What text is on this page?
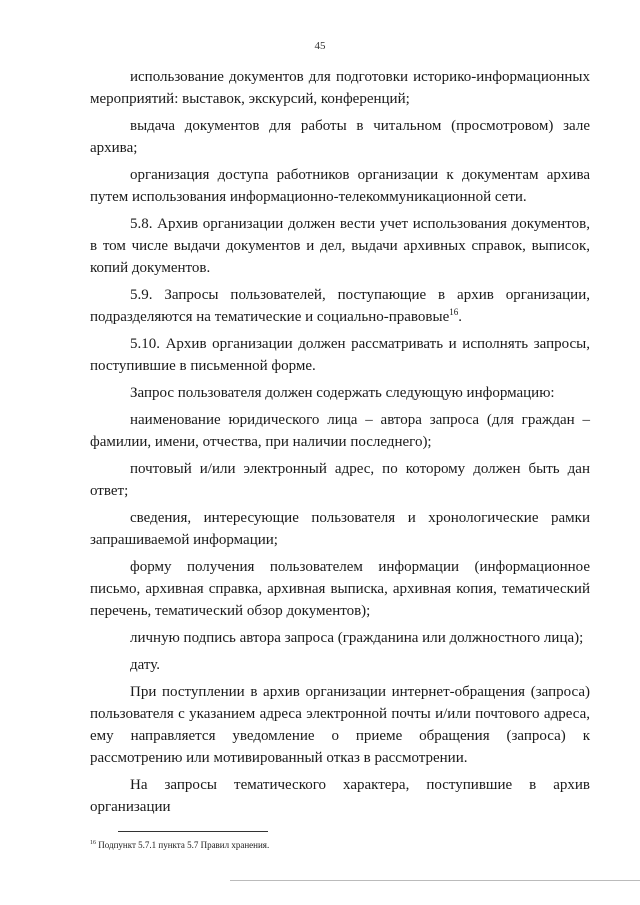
45

использование документов для подготовки историко-информационных мероприятий: выставок, экскурсий, конференций;

выдача документов для работы в читальном (просмотровом) зале архива;

организация доступа работников организации к документам архива путем использования информационно-телекоммуникационной сети.

5.8. Архив организации должен вести учет использования документов, в том числе выдачи документов и дел, выдачи архивных справок, выписок, копий документов.

5.9. Запросы пользователей, поступающие в архив организации, подразделяются на тематические и социально-правовые$^{16}$.

5.10. Архив организации должен рассматривать и исполнять запросы, поступившие в письменной форме.

Запрос пользователя должен содержать следующую информацию:

наименование юридического лица – автора запроса (для граждан – фамилии, имени, отчества, при наличии последнего);

почтовый и/или электронный адрес, по которому должен быть дан ответ;

сведения, интересующие пользователя и хронологические рамки запрашиваемой информации;

форму получения пользователем информации (информационное письмо, архивная справка, архивная выписка, архивная копия, тематический перечень, тематический обзор документов);

личную подпись автора запроса (гражданина или должностного лица);

дату.

При поступлении в архив организации интернет-обращения (запроса) пользователя с указанием адреса электронной почты и/или почтового адреса, ему направляется уведомление о приеме обращения (запроса) к рассмотрению или мотивированный отказ в рассмотрении.

На запросы тематического характера, поступившие в архив организации

$^{16}$ Подпункт 5.7.1 пункта 5.7 Правил хранения.
